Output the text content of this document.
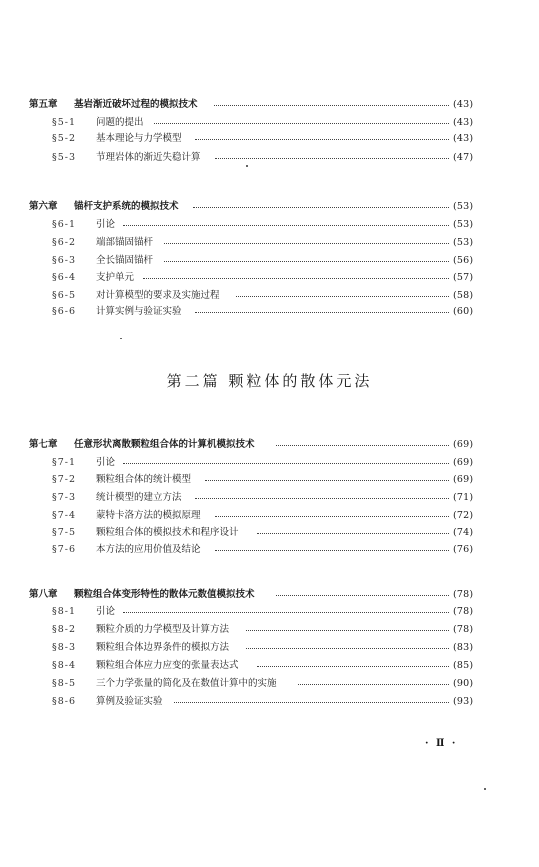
第五章 基岩渐近破坏过程的模拟技术	(43)
§5-1 问题的提出	(43)
§5-2 基本理论与力学模型	(43)
§5-3 节理岩体的渐近失稳计算	(47)
第六章 锚杆支护系统的模拟技术	(53)
§6-1 引论	(53)
§6-2 端部锚固锚杆	(53)
§6-3 全长锚固锚杆	(56)
§6-4 支护单元	(57)
§6-5 对计算模型的要求及实施过程	(58)
§6-6 计算实例与验证实验	(60)
第七章 任意形状离散颗粒组合体的计算机模拟技术	(69)
§7-1 引论	(69)
§7-2 颗粒组合体的统计模型	(69)
§7-3 统计模型的建立方法	(71)
§7-4 蒙特卡洛方法的模拟原理	(72)
§7-5 颗粒组合体的模拟技术和程序设计	(74)
§7-6 本方法的应用价值及结论	(76)
第八章 颗粒组合体变形特性的散体元数值模拟技术	(78)
§8-1 引论	(78)
§8-2 颗粒介质的力学模型及计算方法	(78)
§8-3 颗粒组合体边界条件的模拟方法	(83)
§8-4 颗粒组合体应力应变的张量表达式	(85)
§8-5 三个力学张量的简化及在数值计算中的实施	(90)
§8-6 算例及验证实验	(93)
第二篇 颗粒体的散体元法
· Ⅱ ·
